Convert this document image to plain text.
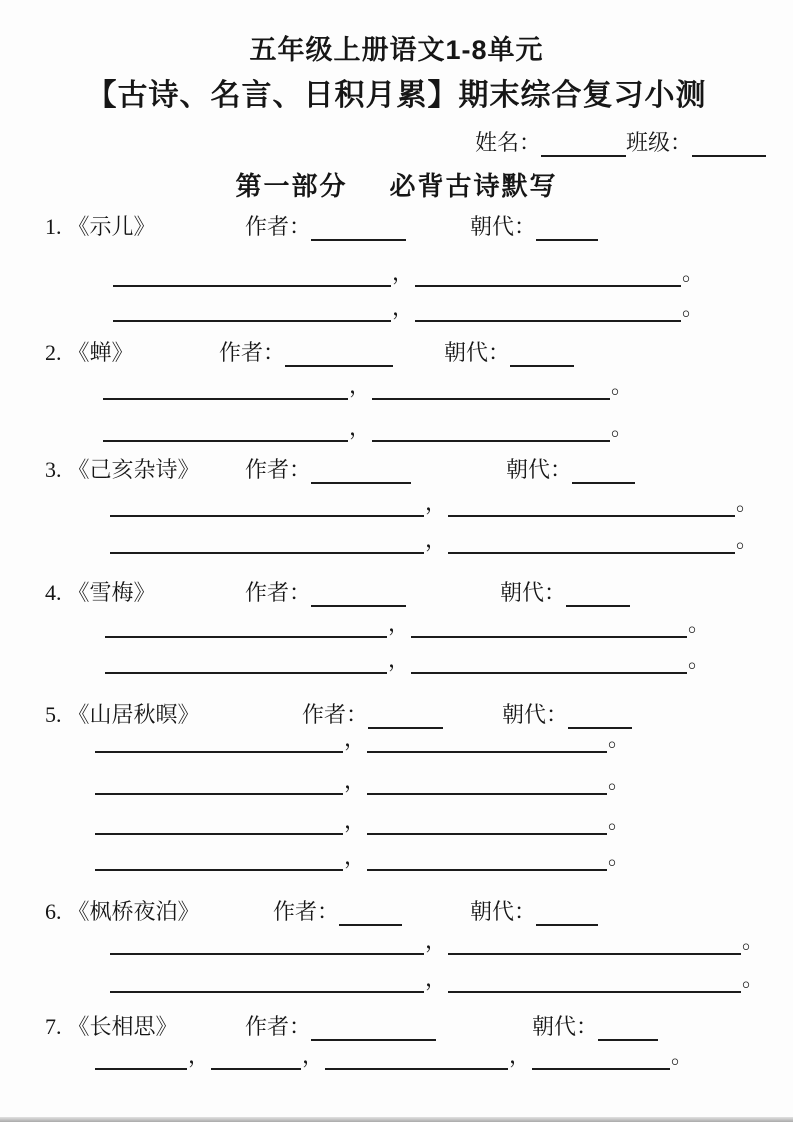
五年级上册语文1-8单元
【古诗、名言、日积月累】期末综合复习小测
姓名：	班级：
第一部分 必背古诗默写
1. 《示儿》	作者：	朝代：
，	。
，	。
2. 《蝉》	作者：	朝代：
，	。
，	。
3. 《己亥杂诗》 作者：	朝代：
，	。
，	。
4. 《雪梅》	作者：	朝代：
，	。
，	。
5. 《山居秋暝》	作者：	朝代：
，	。
，	。
，	。
，	。
6. 《枫桥夜泊》	作者：	朝代：
，	。
，	。
7. 《长相思》	作者：	朝代：
，	，	，	。
